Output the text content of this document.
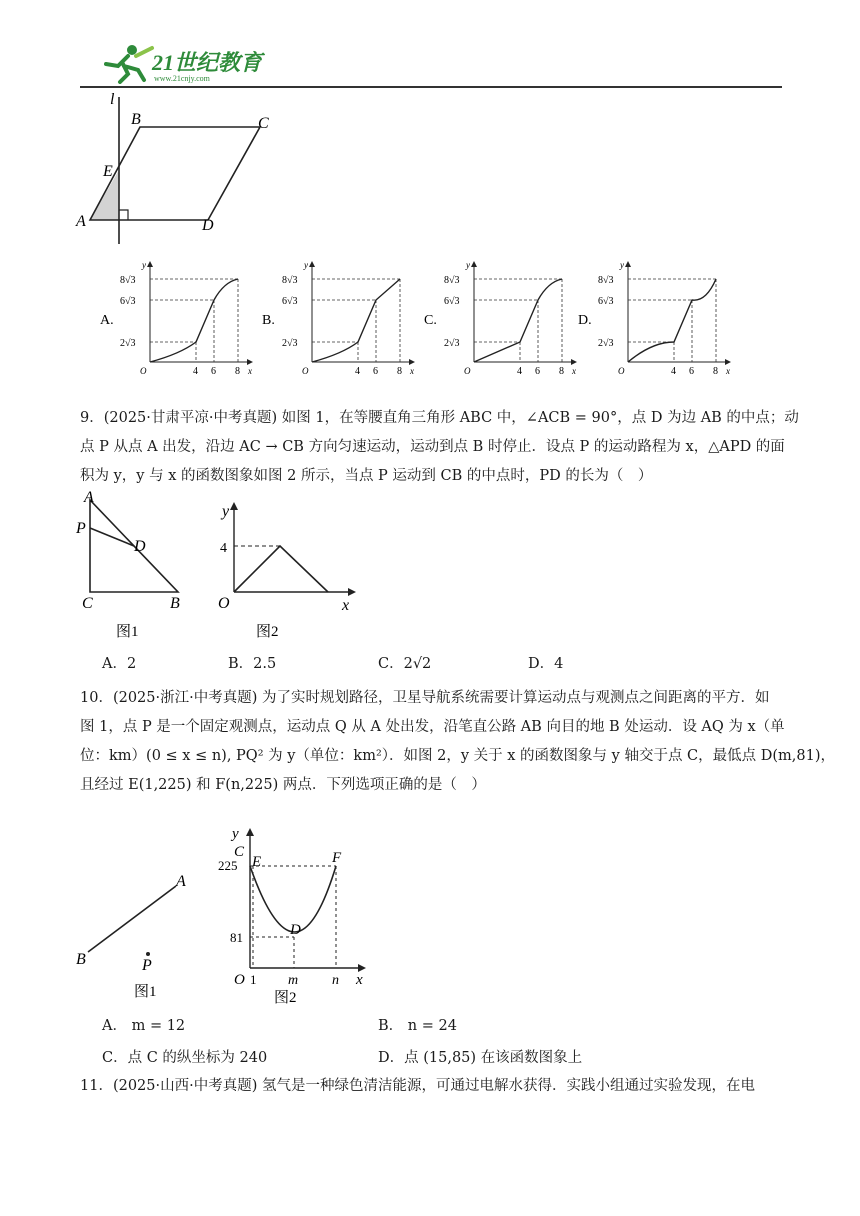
21世纪教育
www.21cnjy.com
l
B	C
E
A	D
A.
8√3
6√3
2√3
4 6 8
y
x
O
B.
8√3
6√3
2√3
4 6 8
y
x
O
C.
8√3
6√3
2√3
4 6 8
y
x
O
D.
8√3
6√3
2√3
4 6 8
y
x
O
9．(2025·甘肃平凉·中考真题) 如图 1，在等腰直角三角形 ABC 中，∠ACB = 90°，点 D 为边 AB 的中点；动
点 P 从点 A 出发，沿边 AC → CB 方向匀速运动，运动到点 B 时停止．设点 P 的运动路程为 x，△APD 的面
积为 y，y 与 x 的函数图象如图 2 所示，当点 P 运动到 CB 的中点时，PD 的长为（　）
A
P
D
C	B
图1
y
x
O
4
图2
A．2	B．2.5	C．2√2	D．4
10．(2025·浙江·中考真题) 为了实时规划路径，卫星导航系统需要计算运动点与观测点之间距离的平方．如
图 1，点 P 是一个固定观测点，运动点 Q 从 A 处出发，沿笔直公路 AB 向目的地 B 处运动．设 AQ 为 x（单
位：km）(0 ≤ x ≤ n), PQ² 为 y（单位：km²）．如图 2，y 关于 x 的函数图象与 y 轴交于点 C，最低点 D(m,81)，
且经过 E(1,225) 和 F(n,225) 两点．下列选项正确的是（　）
A
B	P
图1
y
C
E	F
D
225
81
O 1 m n x
图2
A． m = 12	B． n = 24
C．点 C 的纵坐标为 240	D．点 (15,85) 在该函数图象上
11．(2025·山西·中考真题) 氢气是一种绿色清洁能源，可通过电解水获得．实践小组通过实验发现，在电
